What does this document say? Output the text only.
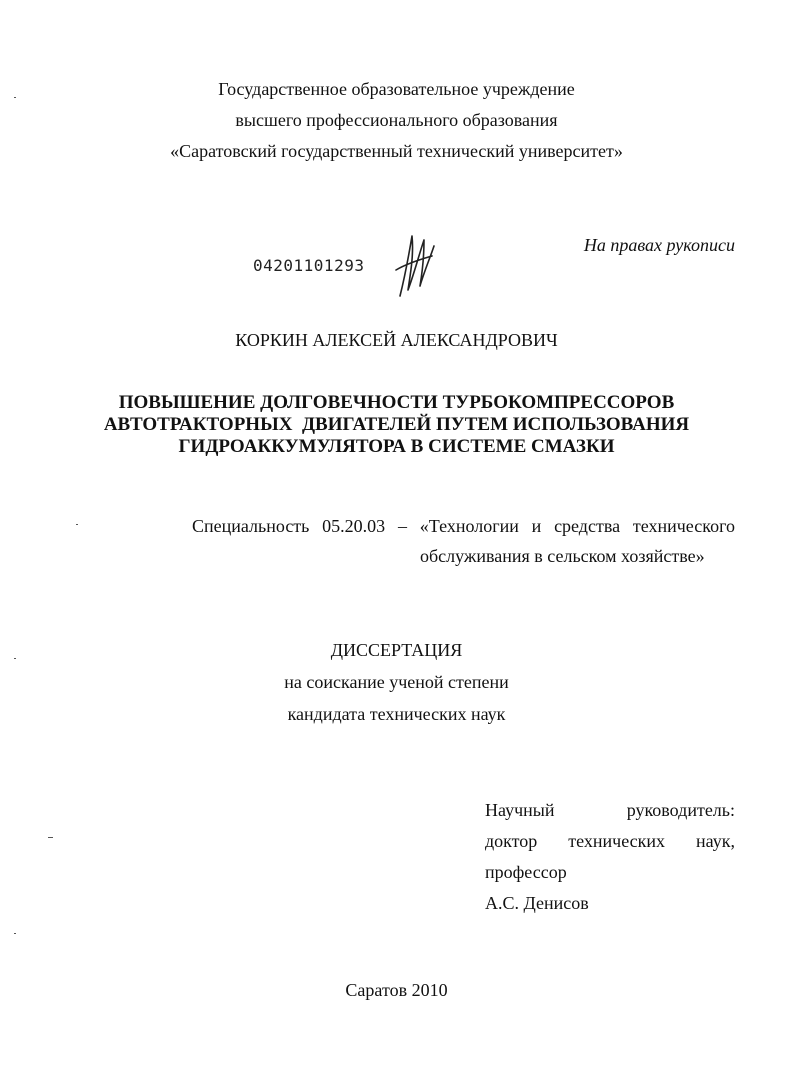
Государственное образовательное учреждение
высшего профессионального образования
«Саратовский государственный технический университет»
На правах рукописи
04201101293
КОРКИН АЛЕКСЕЙ АЛЕКСАНДРОВИЧ
ПОВЫШЕНИЕ ДОЛГОВЕЧНОСТИ ТУРБОКОМПРЕССОРОВ
АВТОТРАКТОРНЫХ  ДВИГАТЕЛЕЙ ПУТЕМ ИСПОЛЬЗОВАНИЯ
ГИДРОАККУМУЛЯТОРА В СИСТЕМЕ СМАЗКИ
Специальность 05.20.03 – «Технологии и средства технического
обслуживания в сельском хозяйстве»
ДИССЕРТАЦИЯ
на соискание ученой степени
кандидата технических наук
Научный руководитель:
доктор технических наук,
профессор
А.С. Денисов
Саратов 2010
